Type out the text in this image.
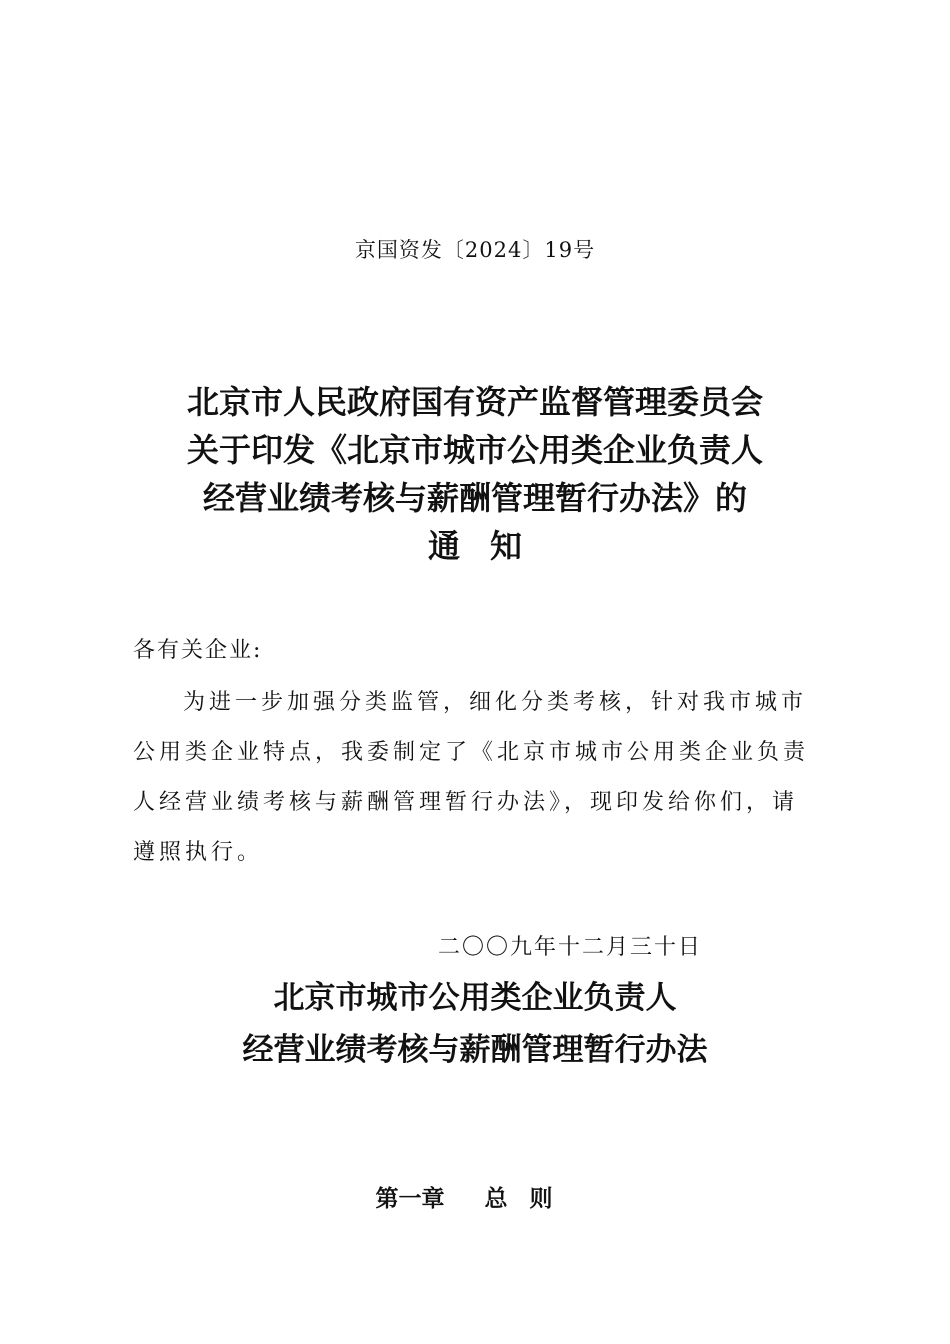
京国资发〔2024〕19号
北京市人民政府国有资产监督管理委员会
关于印发《北京市城市公用类企业负责人
经营业绩考核与薪酬管理暂行办法》的
通知
各有关企业:

为进一步加强分类监管，细化分类考核，针对我市城市公用类企业特点，我委制定了《北京市城市公用类企业负责人经营业绩考核与薪酬管理暂行办法》，现印发给你们，请遵照执行。

二〇〇九年十二月三十日
北京市城市公用类企业负责人
经营业绩考核与薪酬管理暂行办法
第一章 总则
